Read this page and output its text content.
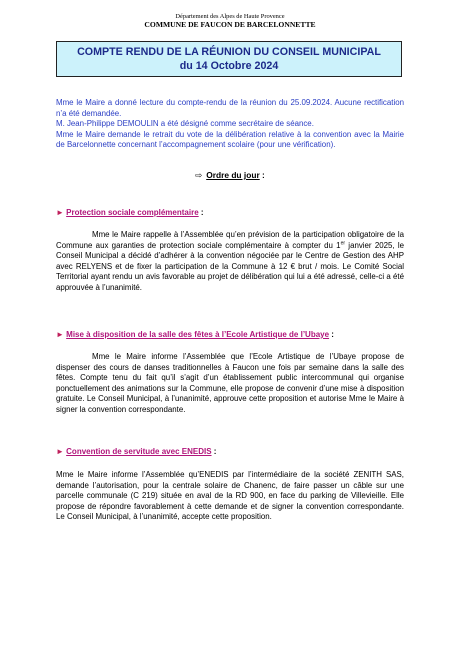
Département des Alpes de Haute Provence
COMMUNE DE FAUCON DE BARCELONNETTE
COMPTE RENDU DE LA RÉUNION DU CONSEIL MUNICIPAL
du 14 Octobre 2024

Mme le Maire a donné lecture du compte-rendu de la réunion du 25.09.2024. Aucune rectification n’a été demandée.

M. Jean-Philippe DEMOULIN a été désigné comme secrétaire de séance.

Mme le Maire demande le retrait du vote de la délibération relative à la convention avec la Mairie de Barcelonnette concernant l’accompagnement scolaire (pour une vérification).

⇨ Ordre du jour :
► Protection sociale complémentaire :

Mme le Maire rappelle à l’Assemblée qu’en prévision de la participation obligatoire de la Commune aux garanties de protection sociale complémentaire à compter du 1er janvier 2025, le Conseil Municipal a décidé d’adhérer à la convention négociée par le Centre de Gestion des AHP avec RELYENS et de fixer la participation de la Commune à 12 € brut / mois. Le Comité Social Territorial ayant rendu un avis favorable au projet de délibération qui lui a été adressé, celle-ci a été approuvée à l’unanimité.

► Mise à disposition de la salle des fêtes à l’Ecole Artistique de l’Ubaye :

Mme le Maire informe l’Assemblée que l’Ecole Artistique de l’Ubaye propose de dispenser des cours de danses traditionnelles à Faucon une fois par semaine dans la salle des fêtes. Compte tenu du fait qu’il s’agit d’un établissement public intercommunal qui organise ponctuellement des animations sur la Commune, elle propose de convenir d’une mise à disposition gratuite. Le Conseil Municipal, à l’unanimité, approuve cette proposition et autorise Mme le Maire à signer la convention correspondante.

► Convention de servitude avec ENEDIS :

Mme le Maire informe l’Assemblée qu’ENEDIS par l’intermédiaire de la société ZENITH SAS, demande l’autorisation, pour la centrale solaire de Chanenc, de faire passer un câble sur une parcelle communale (C 219) située en aval de la RD 900, en face du parking de Villevieille. Elle propose de répondre favorablement à cette demande et de signer la convention correspondante. Le Conseil Municipal, à l’unanimité, accepte cette proposition.
